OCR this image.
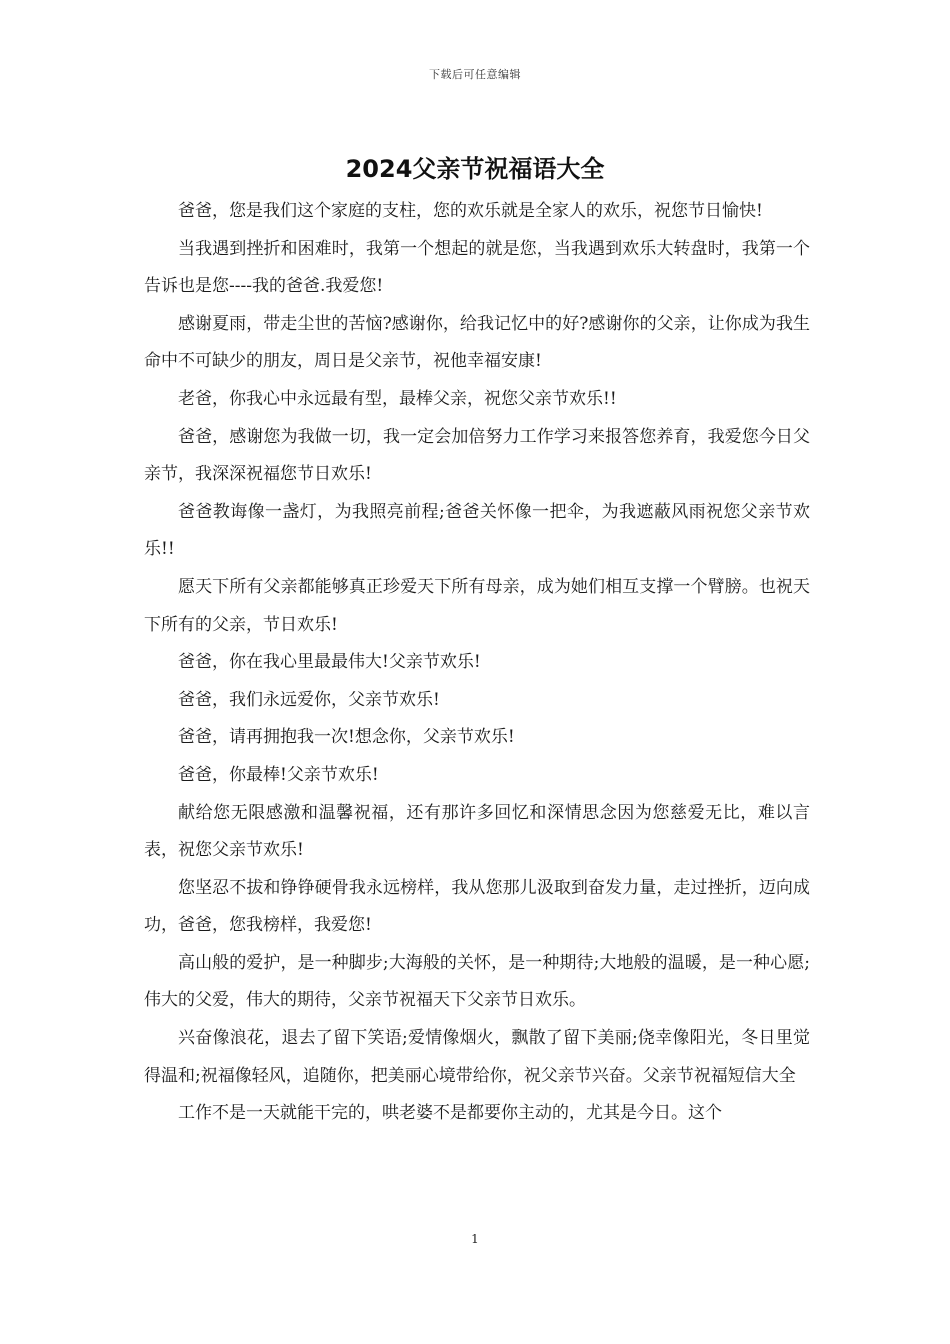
下载后可任意编辑
2024父亲节祝福语大全

爸爸，您是我们这个家庭的支柱，您的欢乐就是全家人的欢乐，祝您节日愉快!

当我遇到挫折和困难时，我第一个想起的就是您，当我遇到欢乐大转盘时，我第一个告诉也是您----我的爸爸.我爱您!

感谢夏雨，带走尘世的苦恼?感谢你，给我记忆中的好?感谢你的父亲，让你成为我生命中不可缺少的朋友，周日是父亲节，祝他幸福安康!

老爸，你我心中永远最有型，最棒父亲，祝您父亲节欢乐!!

爸爸，感谢您为我做一切，我一定会加倍努力工作学习来报答您养育，我爱您今日父亲节，我深深祝福您节日欢乐!

爸爸教诲像一盏灯，为我照亮前程;爸爸关怀像一把伞，为我遮蔽风雨祝您父亲节欢乐!!

愿天下所有父亲都能够真正珍爱天下所有母亲，成为她们相互支撑一个臂膀。也祝天下所有的父亲，节日欢乐!

爸爸，你在我心里最最伟大!父亲节欢乐!

爸爸，我们永远爱你，父亲节欢乐!

爸爸，请再拥抱我一次!想念你，父亲节欢乐!

爸爸，你最棒!父亲节欢乐!

献给您无限感激和温馨祝福，还有那许多回忆和深情思念因为您慈爱无比，难以言表，祝您父亲节欢乐!

您坚忍不拔和铮铮硬骨我永远榜样，我从您那儿汲取到奋发力量，走过挫折，迈向成功，爸爸，您我榜样，我爱您!

高山般的爱护，是一种脚步;大海般的关怀，是一种期待;大地般的温暖，是一种心愿;伟大的父爱，伟大的期待，父亲节祝福天下父亲节日欢乐。

兴奋像浪花，退去了留下笑语;爱情像烟火，飘散了留下美丽;侥幸像阳光，冬日里觉得温和;祝福像轻风，追随你，把美丽心境带给你，祝父亲节兴奋。父亲节祝福短信大全

工作不是一天就能干完的，哄老婆不是都要你主动的，尤其是今日。这个

1
